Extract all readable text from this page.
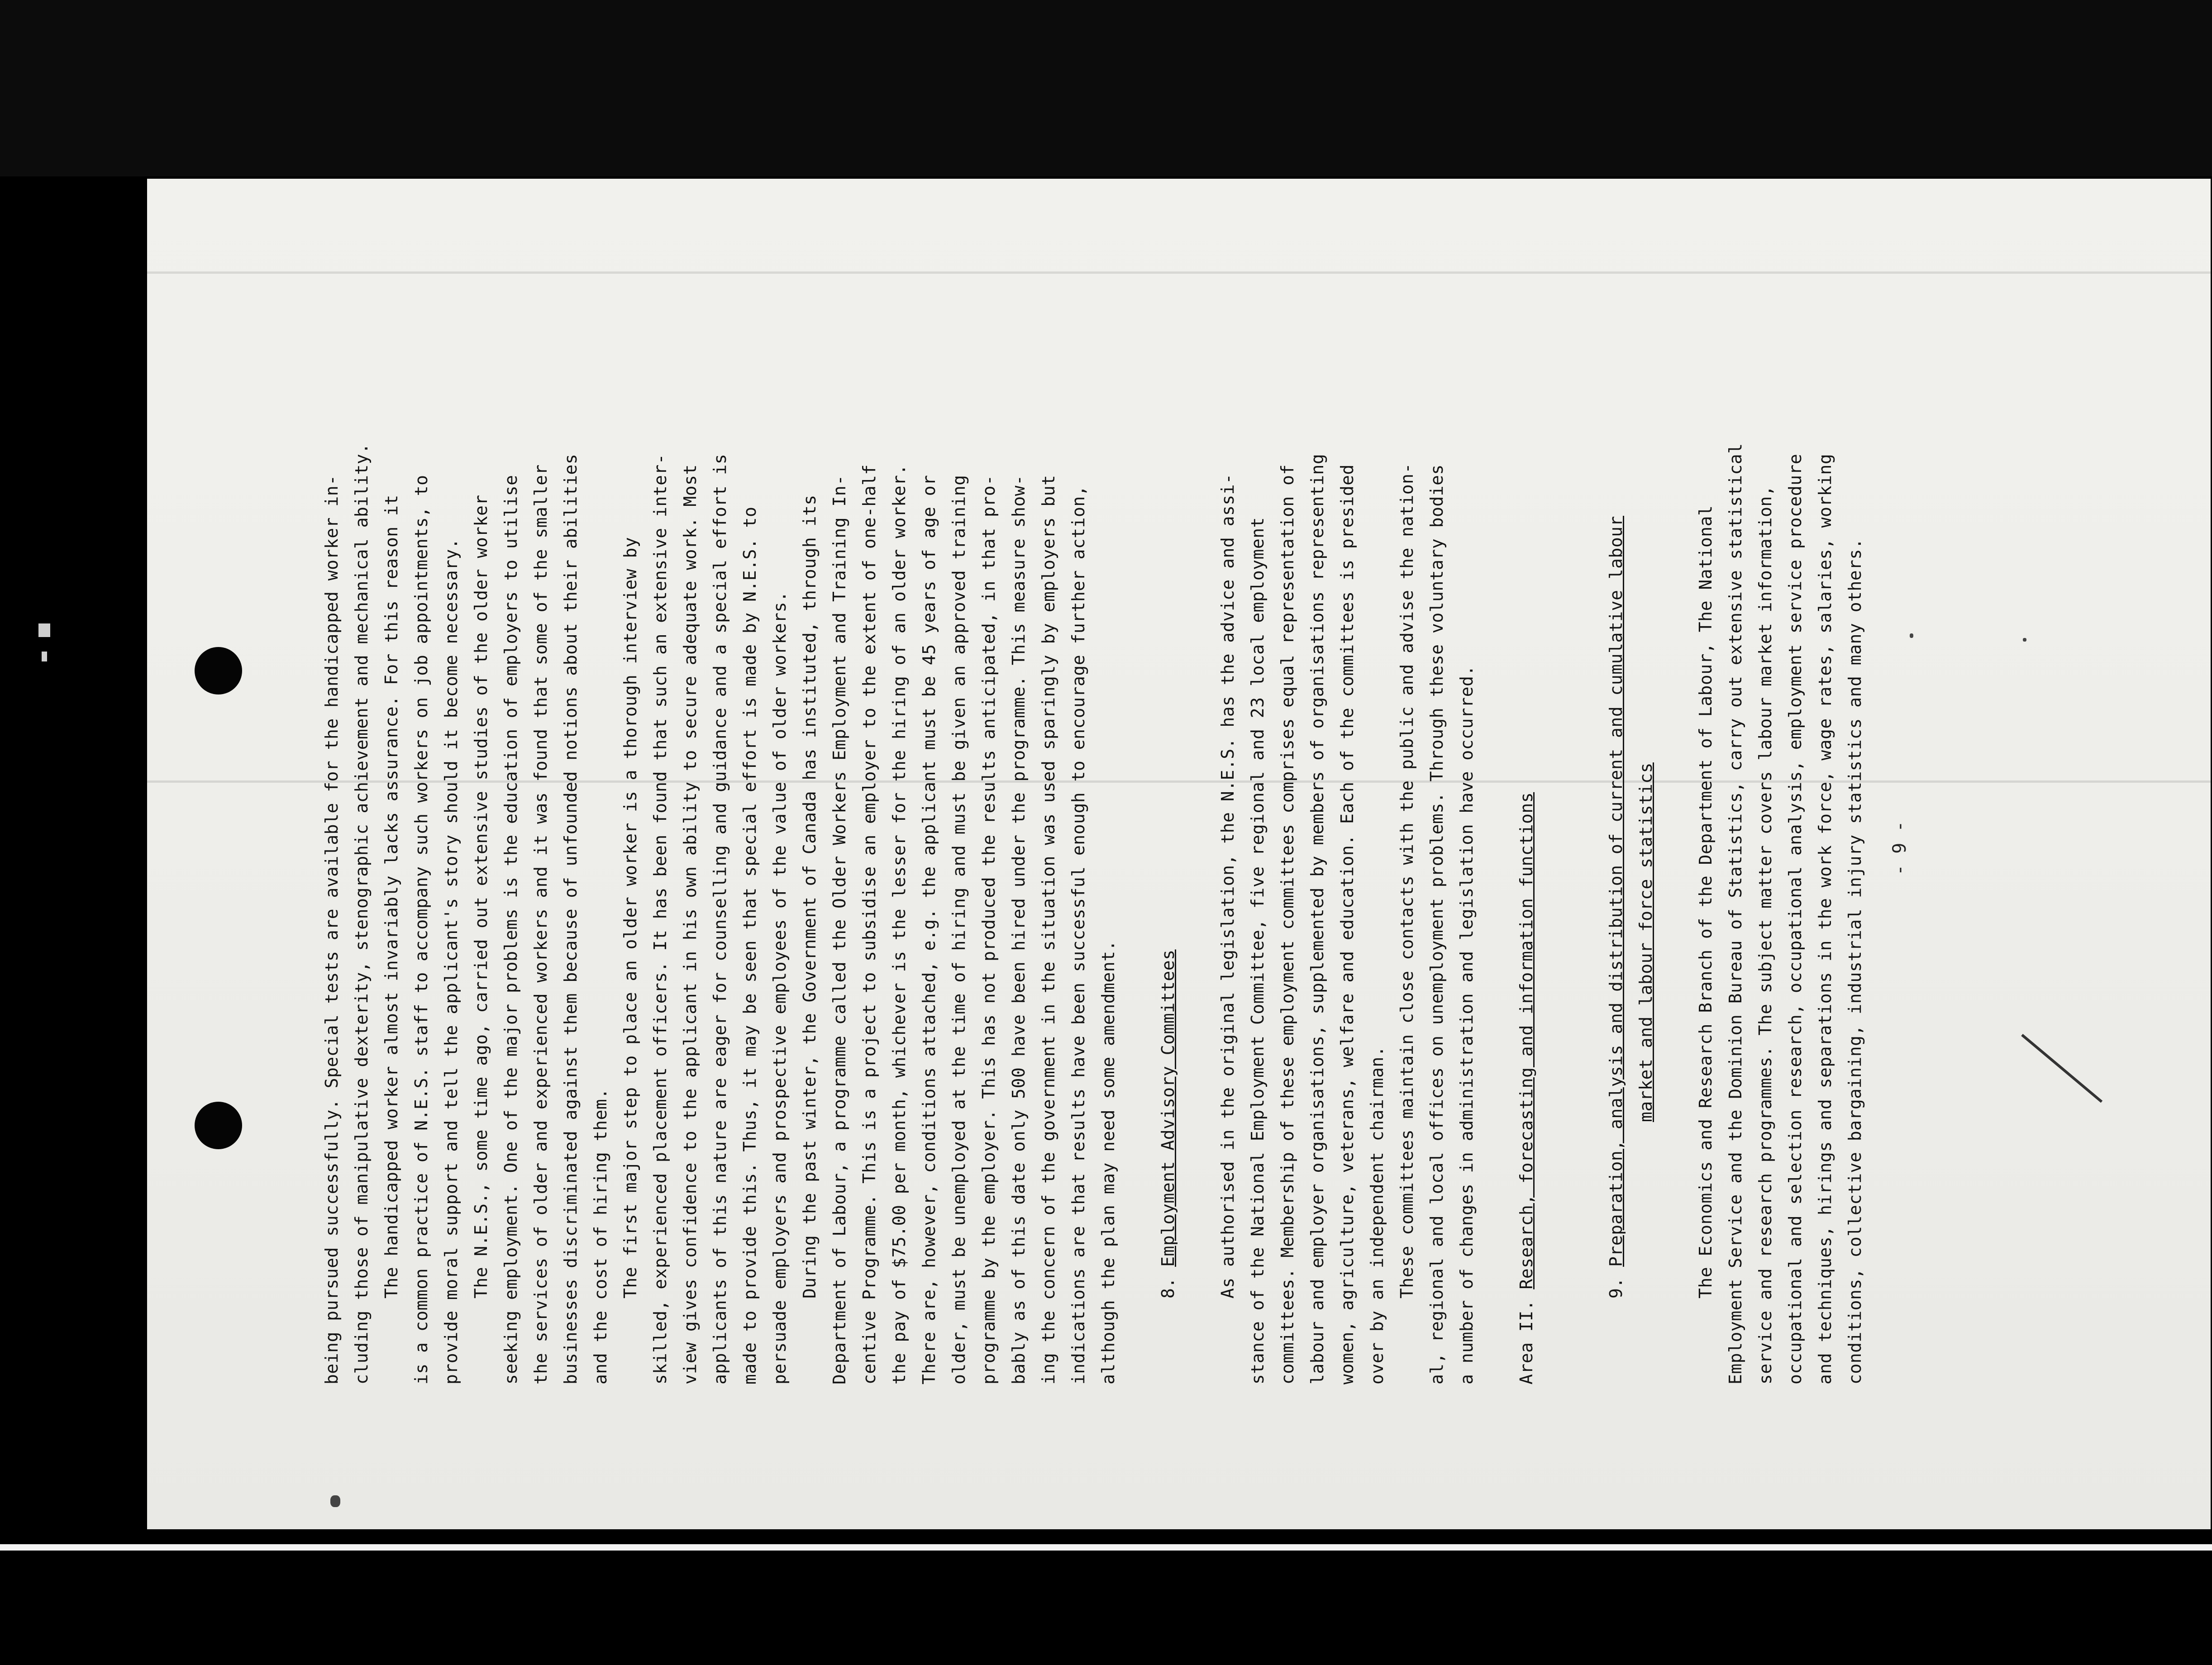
being pursued successfully. Special tests are available for the handicapped worker in- cluding those of manipulative dexterity, stenographic achievement and mechanical ability. The handicapped worker almost invariably lacks assurance. For this reason it is a common practice of N.E.S. staff to accompany such workers on job appointments, to provide moral support and tell the applicant's story should it become necessary. The N.E.S., some time ago, carried out extensive studies of the older worker seeking employment. One of the major problems is the education of employers to utilise the services of older and experienced workers and it was found that some of the smaller businesses discriminated against them because of unfounded notions about their abilities and the cost of hiring them. The first major step to place an older worker is a thorough interview by skilled, experienced placement officers. It has been found that such an extensive inter- view gives confidence to the applicant in his own ability to secure adequate work. Most applicants of this nature are eager for counselling and guidance and a special effort is made to provide this. Thus, it may be seen that special effort is made by N.E.S. to persuade employers and prospective employees of the value of older workers. During the past winter, the Government of Canada has instituted, through its Department of Labour, a programme called the Older Workers Employment and Training In- centive Programme. This is a project to subsidise an employer to the extent of one-half the pay of $75.00 per month, whichever is the lesser for the hiring of an older worker. There are, however, conditions attached, e.g. the applicant must be 45 years of age or older, must be unemployed at the time of hiring and must be given an approved training programme by the employer. This has not produced the results anticipated, in that pro- bably as of this date only 500 have been hired under the programme. This measure show- ing the concern of the government in the situation was used sparingly by employers but indications are that results have been successful enough to encourage further action, although the plan may need some amendment. 8. Employment Advisory Committees As authorised in the original legislation, the N.E.S. has the advice and assi- stance of the National Employment Committee, five regional and 23 local employment committees. Membership of these employment committees comprises equal representation of labour and employer organisations, supplemented by members of organisations representing women, agriculture, veterans, welfare and education. Each of the committees is presided over by an independent chairman. These committees maintain close contacts with the public and advise the nation- al, regional and local offices on unemployment problems. Through these voluntary bodies a number of changes in administration and legislation have occurred. Area II. Research, forecasting and information functions	9. Preparation, analysis and distribution of current and cumulative labour market and labour force statistics The Economics and Research Branch of the Department of Labour, The National Employment Service and the Dominion Bureau of Statistics, carry out extensive statistical service and research programmes. The subject matter covers labour market information, occupational and selection research, occupational analysis, employment service procedure and techniques, hirings and separations in the work force, wage rates, salaries, working conditions, collective bargaining, industrial injury statistics and many others. - 9 -
